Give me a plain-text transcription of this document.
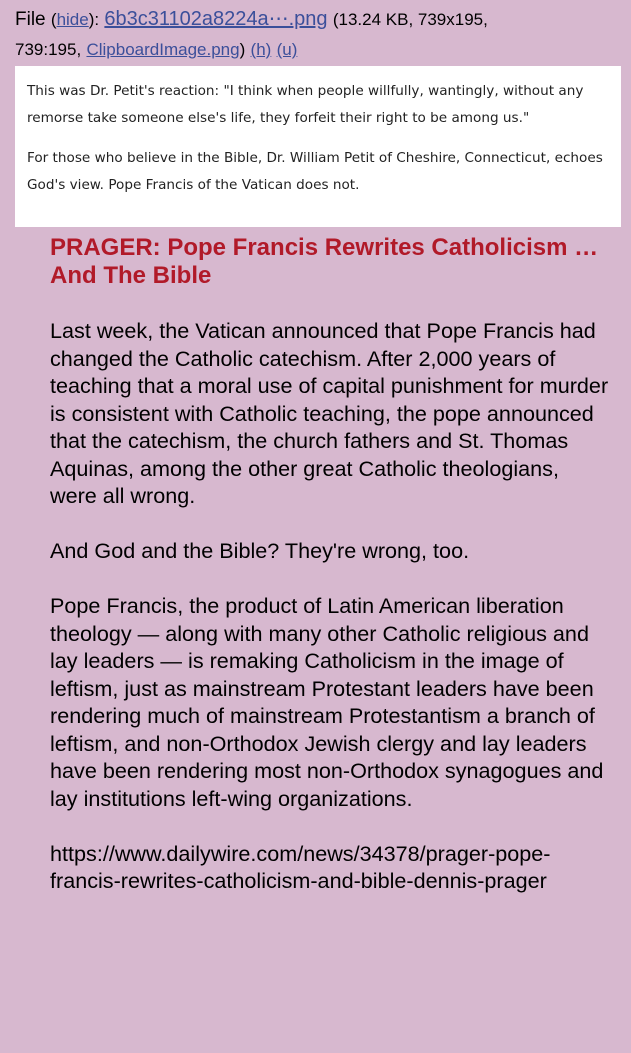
File (hide): 6b3c31102a8224a⋯.png (13.24 KB, 739x195,
739:195, ClipboardImage.png) (h) (u)

This was Dr. Petit's reaction: "I think when people willfully, wantingly, without any remorse take someone else's life, they forfeit their right to be among us."

For those who believe in the Bible, Dr. William Petit of Cheshire, Connecticut, echoes God's view. Pope Francis of the Vatican does not.

PRAGER: Pope Francis Rewrites Catholicism … And The Bible

Last week, the Vatican announced that Pope Francis had changed the Catholic catechism. After 2,000 years of teaching that a moral use of capital punishment for murder is consistent with Catholic teaching, the pope announced that the catechism, the church fathers and St. Thomas Aquinas, among the other great Catholic theologians, were all wrong.

And God and the Bible? They're wrong, too.

Pope Francis, the product of Latin American liberation theology — along with many other Catholic religious and lay leaders — is remaking Catholicism in the image of leftism, just as mainstream Protestant leaders have been rendering much of mainstream Protestantism a branch of leftism, and non-Orthodox Jewish clergy and lay leaders have been rendering most non-Orthodox synagogues and lay institutions left-wing organizations.

https://www.dailywire.com/news/34378/prager-pope-francis-rewrites-catholicism-and-bible-dennis-prager
